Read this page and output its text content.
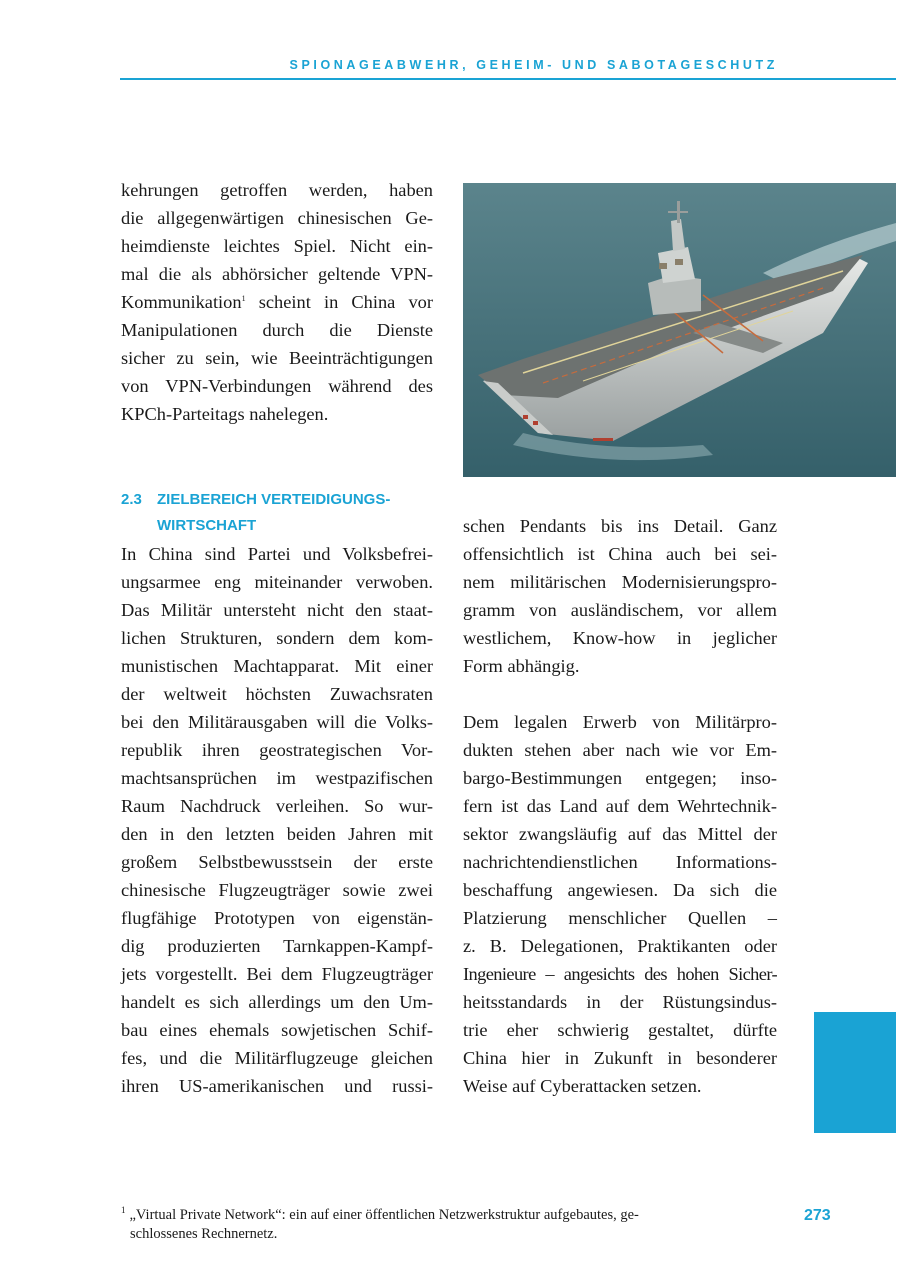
SPIONAGEABWEHR, GEHEIM- UND SABOTAGESCHUTZ
kehrungen getroffen werden, haben
die allgegenwärtigen chinesischen Ge-
heimdienste leichtes Spiel. Nicht ein-
mal die als abhörsicher geltende VPN-
Kommunikation$^1$ scheint in China vor
Manipulationen durch die Dienste
sicher zu sein, wie Beeinträchtigungen
von VPN-Verbindungen während des
KPCh-Parteitags nahelegen.
2.3 ZIELBEREICH VERTEIDIGUNGS-
WIRTSCHAFT
In China sind Partei und Volksbefrei-
ungsarmee eng miteinander verwoben.
Das Militär untersteht nicht den staat-
lichen Strukturen, sondern dem kom-
munistischen Machtapparat. Mit einer
der weltweit höchsten Zuwachsraten
bei den Militärausgaben will die Volks-
republik ihren geostrategischen Vor-
machtsansprüchen im westpazifischen
Raum Nachdruck verleihen. So wur-
den in den letzten beiden Jahren mit
großem Selbstbewusstsein der erste
chinesische Flugzeugträger sowie zwei
flugfähige Prototypen von eigenstän-
dig produzierten Tarnkappen-Kampf-
jets vorgestellt. Bei dem Flugzeugträger
handelt es sich allerdings um den Um-
bau eines ehemals sowjetischen Schif-
fes, und die Militärflugzeuge gleichen
ihren US-amerikanischen und russi-

schen Pendants bis ins Detail. Ganz
offensichtlich ist China auch bei sei-
nem militärischen Modernisierungspro-
gramm von ausländischem, vor allem
westlichem, Know-how in jeglicher
Form abhängig.

Dem legalen Erwerb von Militärpro-
dukten stehen aber nach wie vor Em-
bargo-Bestimmungen entgegen; inso-
fern ist das Land auf dem Wehrtechnik-
sektor zwangsläufig auf das Mittel der
nachrichtendienstlichen Informations-
beschaffung angewiesen. Da sich die
Platzierung menschlicher Quellen –
z. B. Delegationen, Praktikanten oder
Ingenieure – angesichts des hohen Sicher-
heitsstandards in der Rüstungsindus-
trie eher schwierig gestaltet, dürfte
China hier in Zukunft in besonderer
Weise auf Cyberattacken setzen.

$^1$ „Virtual Private Network“: ein auf einer öffentlichen Netzwerkstruktur aufgebautes, ge-
schlossenes Rechnernetz.
273
